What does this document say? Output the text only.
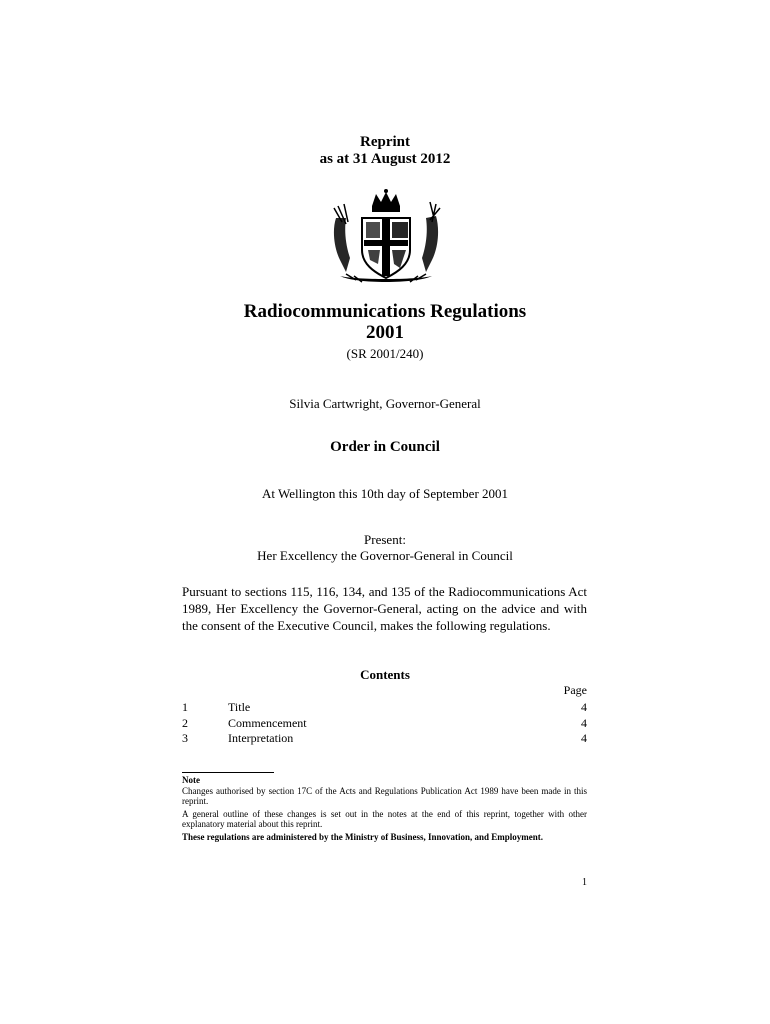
Reprint
as at 31 August 2012
Radiocommunications Regulations
2001
(SR 2001/240)
Silvia Cartwright, Governor-General
Order in Council
At Wellington this 10th day of September 2001
Present:
Her Excellency the Governor-General in Council
Pursuant to sections 115, 116, 134, and 135 of the Radiocommunications Act 1989, Her Excellency the Governor-General, acting on the advice and with the consent of the Executive Council, makes the following regulations.
Contents
Page
1	Title	4
2	Commencement	4
3	Interpretation	4
Note

Changes authorised by section 17C of the Acts and Regulations Publication Act 1989 have been made in this reprint.

A general outline of these changes is set out in the notes at the end of this reprint, together with other explanatory material about this reprint.

These regulations are administered by the Ministry of Business, Innovation, and Employment.

1
